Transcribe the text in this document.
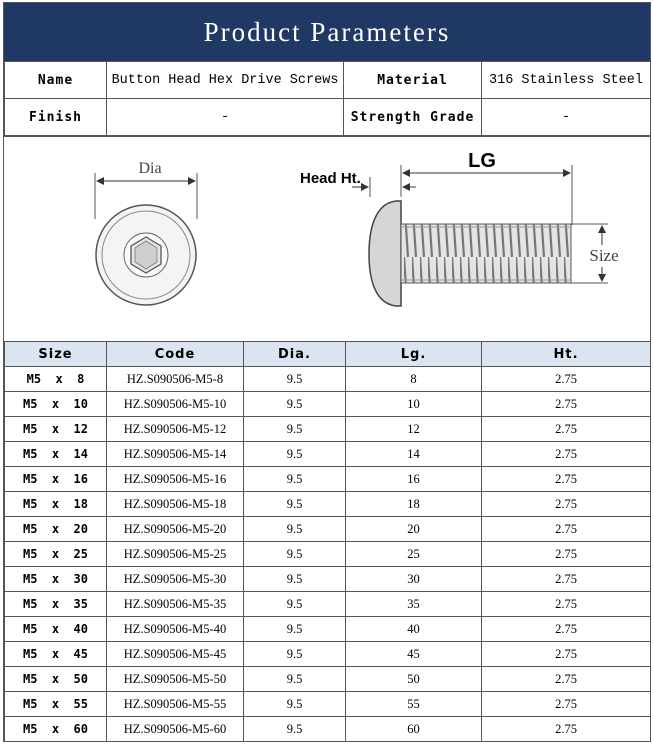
Product Parameters
Name	Button Head Hex Drive Screws	Material	316 Stainless Steel
Finish	-	Strength Grade	-
Dia
Head Ht.
LG
Size
Size	Code	Dia.	Lg.	Ht.
M5  x  8	HZ.S090506-M5-8	9.5	8	2.75
M5  x  10	HZ.S090506-M5-10	9.5	10	2.75
M5  x  12	HZ.S090506-M5-12	9.5	12	2.75
M5  x  14	HZ.S090506-M5-14	9.5	14	2.75
M5  x  16	HZ.S090506-M5-16	9.5	16	2.75
M5  x  18	HZ.S090506-M5-18	9.5	18	2.75
M5  x  20	HZ.S090506-M5-20	9.5	20	2.75
M5  x  25	HZ.S090506-M5-25	9.5	25	2.75
M5  x  30	HZ.S090506-M5-30	9.5	30	2.75
M5  x  35	HZ.S090506-M5-35	9.5	35	2.75
M5  x  40	HZ.S090506-M5-40	9.5	40	2.75
M5  x  45	HZ.S090506-M5-45	9.5	45	2.75
M5  x  50	HZ.S090506-M5-50	9.5	50	2.75
M5  x  55	HZ.S090506-M5-55	9.5	55	2.75
M5  x  60	HZ.S090506-M5-60	9.5	60	2.75
